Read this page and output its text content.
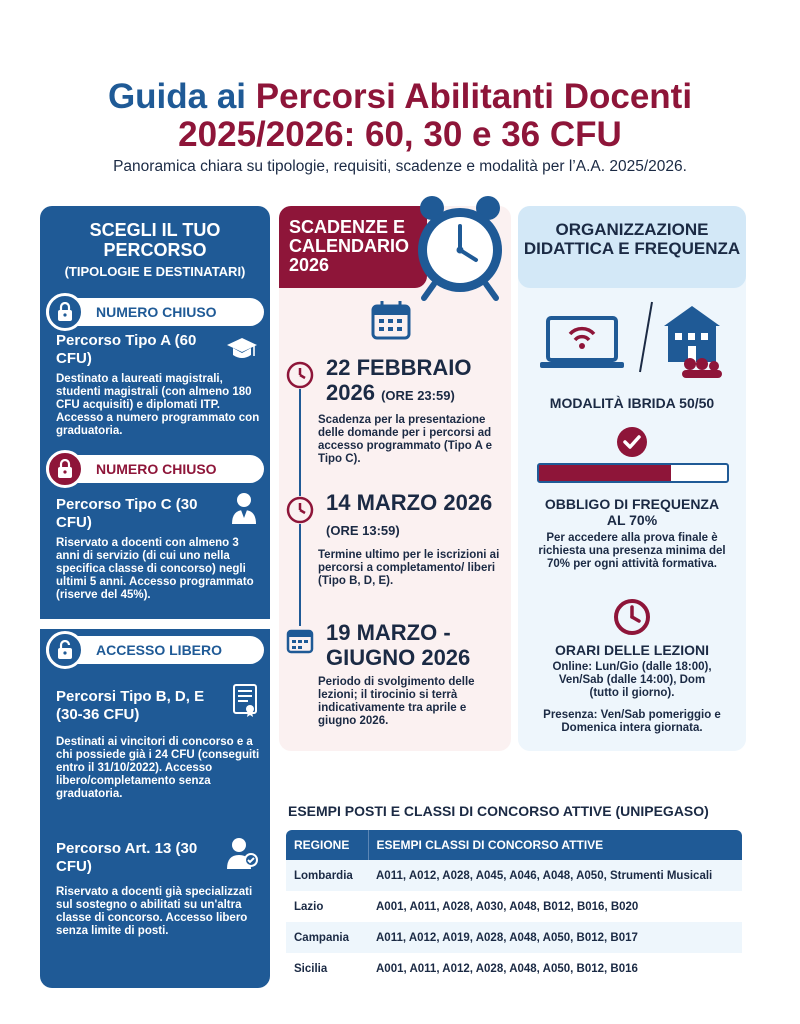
Guida ai Percorsi Abilitanti Docenti
2025/2026: 60, 30 e 36 CFU
Panoramica chiara su tipologie, requisiti, scadenze e modalità per l’A.A. 2025/2026.
SCEGLI IL TUO PERCORSO
(TIPOLOGIE E DESTINATARI)
NUMERO CHIUSO
Percorso Tipo A (60 CFU)
Destinato a laureati magistrali, studenti magistrali (con almeno 180 CFU acquisiti) e diplomati ITP. Accesso a numero programmato con graduatoria.
NUMERO CHIUSO
Percorso Tipo C (30 CFU)
Riservato a docenti con almeno 3 anni di servizio (di cui uno nella specifica classe di concorso) negli ultimi 5 anni. Accesso programmato (riserve del 45%).
ACCESSO LIBERO
Percorsi Tipo B, D, E (30-36 CFU)
Destinati ai vincitori di concorso e a chi possiede già i 24 CFU (conseguiti entro il 31/10/2022). Accesso libero/completamento senza graduatoria.
Percorso Art. 13 (30 CFU)
Riservato a docenti già specializzati sul sostegno o abilitati su un'altra classe di concorso. Accesso libero senza limite di posti.
SCADENZE E CALENDARIO 2026
22 FEBBRAIO 2026 (ORE 23:59)
Scadenza per la presentazione delle domande per i percorsi ad accesso programmato (Tipo A e Tipo C).
14 MARZO 2026 (ORE 13:59)
Termine ultimo per le iscrizioni ai percorsi a completamento/ liberi (Tipo B, D, E).
19 MARZO - GIUGNO 2026
Periodo di svolgimento delle lezioni; il tirocinio si terrà indicativamente tra aprile e giugno 2026.
ORGANIZZAZIONE DIDATTICA E FREQUENZA
MODALITÀ IBRIDA 50/50
OBBLIGO DI FREQUENZA AL 70%
Per accedere alla prova finale è richiesta una presenza minima del 70% per ogni attività formativa.
ORARI DELLE LEZIONI
Online: Lun/Gio (dalle 18:00), Ven/Sab (dalle 14:00), Dom (tutto il giorno).
Presenza: Ven/Sab pomeriggio e Domenica intera giornata.
ESEMPI POSTI E CLASSI DI CONCORSO ATTIVE (UNIPEGASO)
REGIONE	ESEMPI CLASSI DI CONCORSO ATTIVE
Lombardia	A011, A012, A028, A045, A046, A048, A050, Strumenti Musicali
Lazio	A001, A011, A028, A030, A048, B012, B016, B020
Campania	A011, A012, A019, A028, A048, A050, B012, B017
Sicilia	A001, A011, A012, A028, A048, A050, B012, B016
